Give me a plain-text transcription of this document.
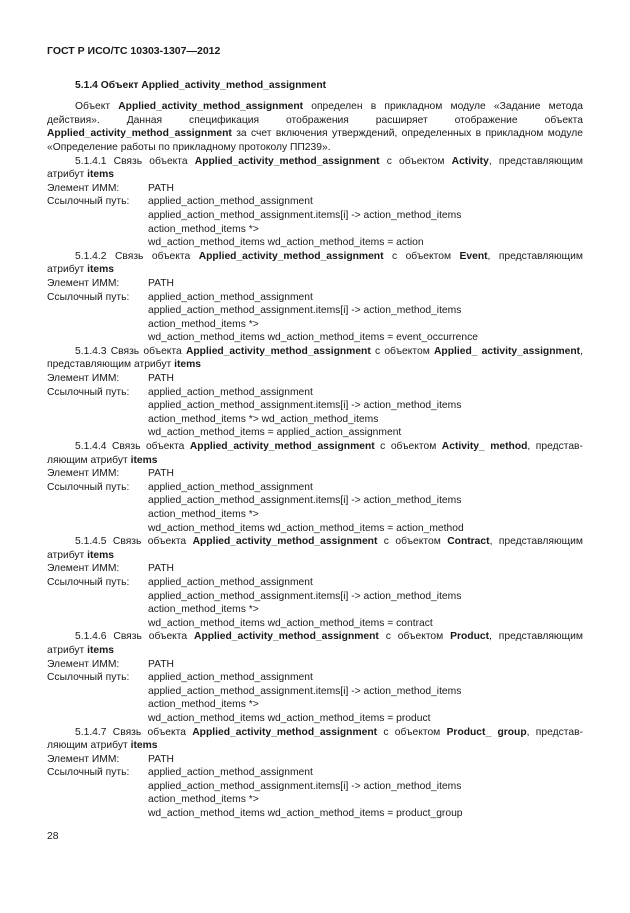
ГОСТ Р ИСО/ТС 10303-1307—2012
5.1.4 Объект Applied_activity_method_assignment

Объект Applied_activity_method_assignment определен в прикладном модуле «Задание метода действия». Данная спецификация отображения расширяет отображение объекта Applied_activity_method_assignment за счет включения утверждений, определенных в прикладном модуле «Определение работы по прикладному протоколу ПП239».

5.1.4.1 Связь объекта Applied_activity_method_assignment с объектом Activity, представляющим атрибут items

Элемент ИММ:	PATH
Ссылочный путь:	applied_action_method_assignment
applied_action_method_assignment.items[i] -> action_method_items
action_method_items *>
wd_action_method_items wd_action_method_items = action

5.1.4.2 Связь объекта Applied_activity_method_assignment с объектом Event, представляющим атрибут items

Элемент ИММ:	PATH
Ссылочный путь:	applied_action_method_assignment
applied_action_method_assignment.items[i] -> action_method_items
action_method_items *>
wd_action_method_items wd_action_method_items = event_occurrence

5.1.4.3 Связь объекта Applied_activity_method_assignment с объектом Applied_ activity_assignment, представляющим атрибут items

Элемент ИММ:	PATH
Ссылочный путь:	applied_action_method_assignment
applied_action_method_assignment.items[i] -> action_method_items
action_method_items *> wd_action_method_items
wd_action_method_items = applied_action_assignment

5.1.4.4 Связь объекта Applied_activity_method_assignment с объектом Activity_ method, представ- ляющим атрибут items

Элемент ИММ:	PATH
Ссылочный путь:	applied_action_method_assignment
applied_action_method_assignment.items[i] -> action_method_items
action_method_items *>
wd_action_method_items wd_action_method_items = action_method

5.1.4.5 Связь объекта Applied_activity_method_assignment с объектом Contract, представляющим атрибут items

Элемент ИММ:	PATH
Ссылочный путь:	applied_action_method_assignment
applied_action_method_assignment.items[i] -> action_method_items
action_method_items *>
wd_action_method_items wd_action_method_items = contract

5.1.4.6 Связь объекта Applied_activity_method_assignment с объектом Product, представляющим атрибут items

Элемент ИММ:	PATH
Ссылочный путь:	applied_action_method_assignment
applied_action_method_assignment.items[i] -> action_method_items
action_method_items *>
wd_action_method_items wd_action_method_items = product

5.1.4.7 Связь объекта Applied_activity_method_assignment с объектом Product_ group, представ- ляющим атрибут items

Элемент ИММ:	PATH
Ссылочный путь:	applied_action_method_assignment
applied_action_method_assignment.items[i] -> action_method_items
action_method_items *>
wd_action_method_items wd_action_method_items = product_group
28
